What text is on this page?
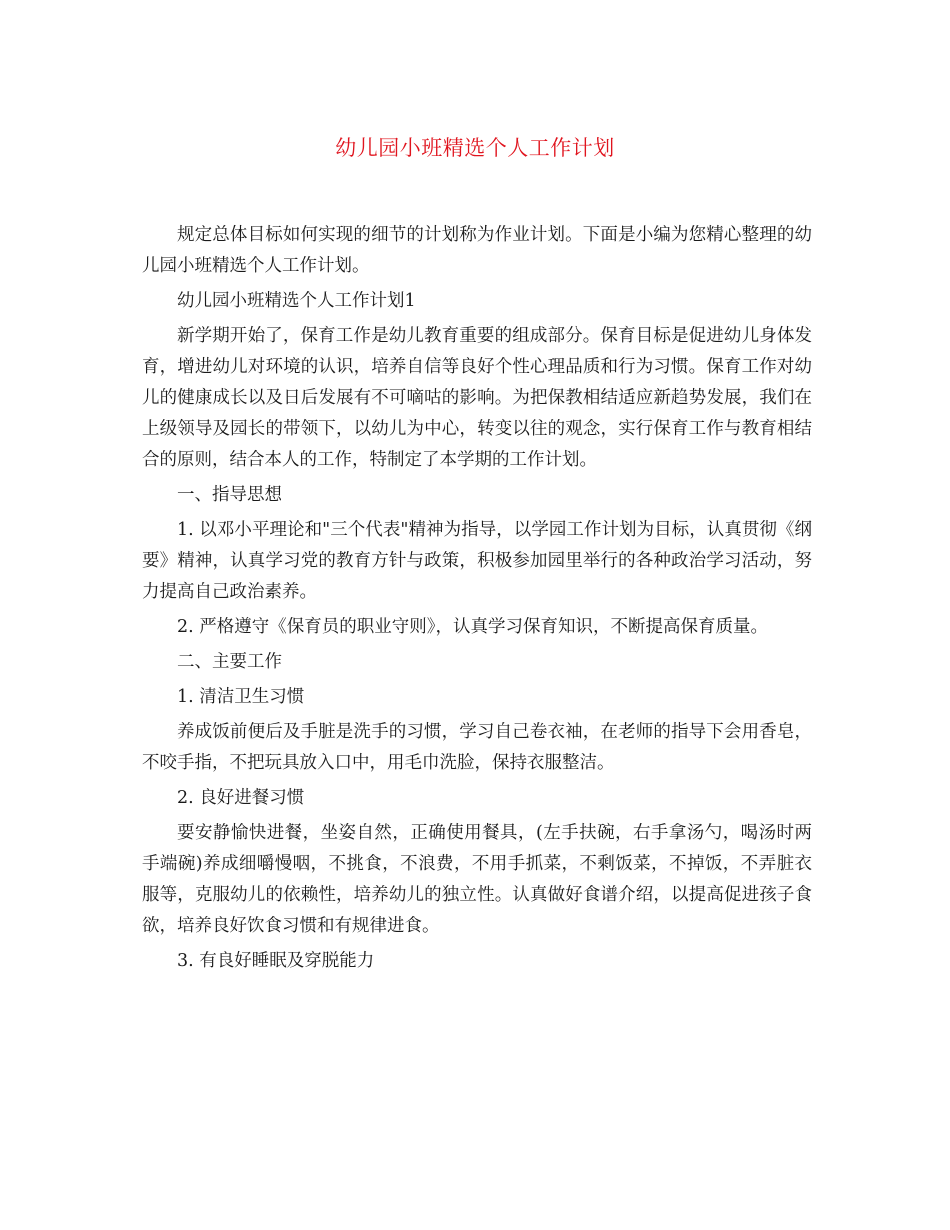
幼儿园小班精选个人工作计划

规定总体目标如何实现的细节的计划称为作业计划。下面是小编为您精心整理的幼儿园小班精选个人工作计划。

幼儿园小班精选个人工作计划1

新学期开始了，保育工作是幼儿教育重要的组成部分。保育目标是促进幼儿身体发育，增进幼儿对环境的认识，培养自信等良好个性心理品质和行为习惯。保育工作对幼儿的健康成长以及日后发展有不可嘀咕的影响。为把保教相结适应新趋势发展，我们在上级领导及园长的带领下，以幼儿为中心，转变以往的观念，实行保育工作与教育相结合的原则，结合本人的工作，特制定了本学期的工作计划。

一、指导思想

1. 以邓小平理论和"三个代表"精神为指导，以学园工作计划为目标，认真贯彻《纲要》精神，认真学习党的教育方针与政策，积极参加园里举行的各种政治学习活动，努力提高自己政治素养。

2. 严格遵守《保育员的职业守则》，认真学习保育知识，不断提高保育质量。

二、主要工作

1. 清洁卫生习惯

养成饭前便后及手脏是洗手的习惯，学习自己卷衣袖，在老师的指导下会用香皂，不咬手指，不把玩具放入口中，用毛巾洗脸，保持衣服整洁。

2. 良好进餐习惯

要安静愉快进餐，坐姿自然，正确使用餐具，(左手扶碗，右手拿汤勺，喝汤时两手端碗)养成细嚼慢咽，不挑食，不浪费，不用手抓菜，不剩饭菜，不掉饭，不弄脏衣服等，克服幼儿的依赖性，培养幼儿的独立性。认真做好食谱介绍，以提高促进孩子食欲，培养良好饮食习惯和有规律进食。

3. 有良好睡眠及穿脱能力
